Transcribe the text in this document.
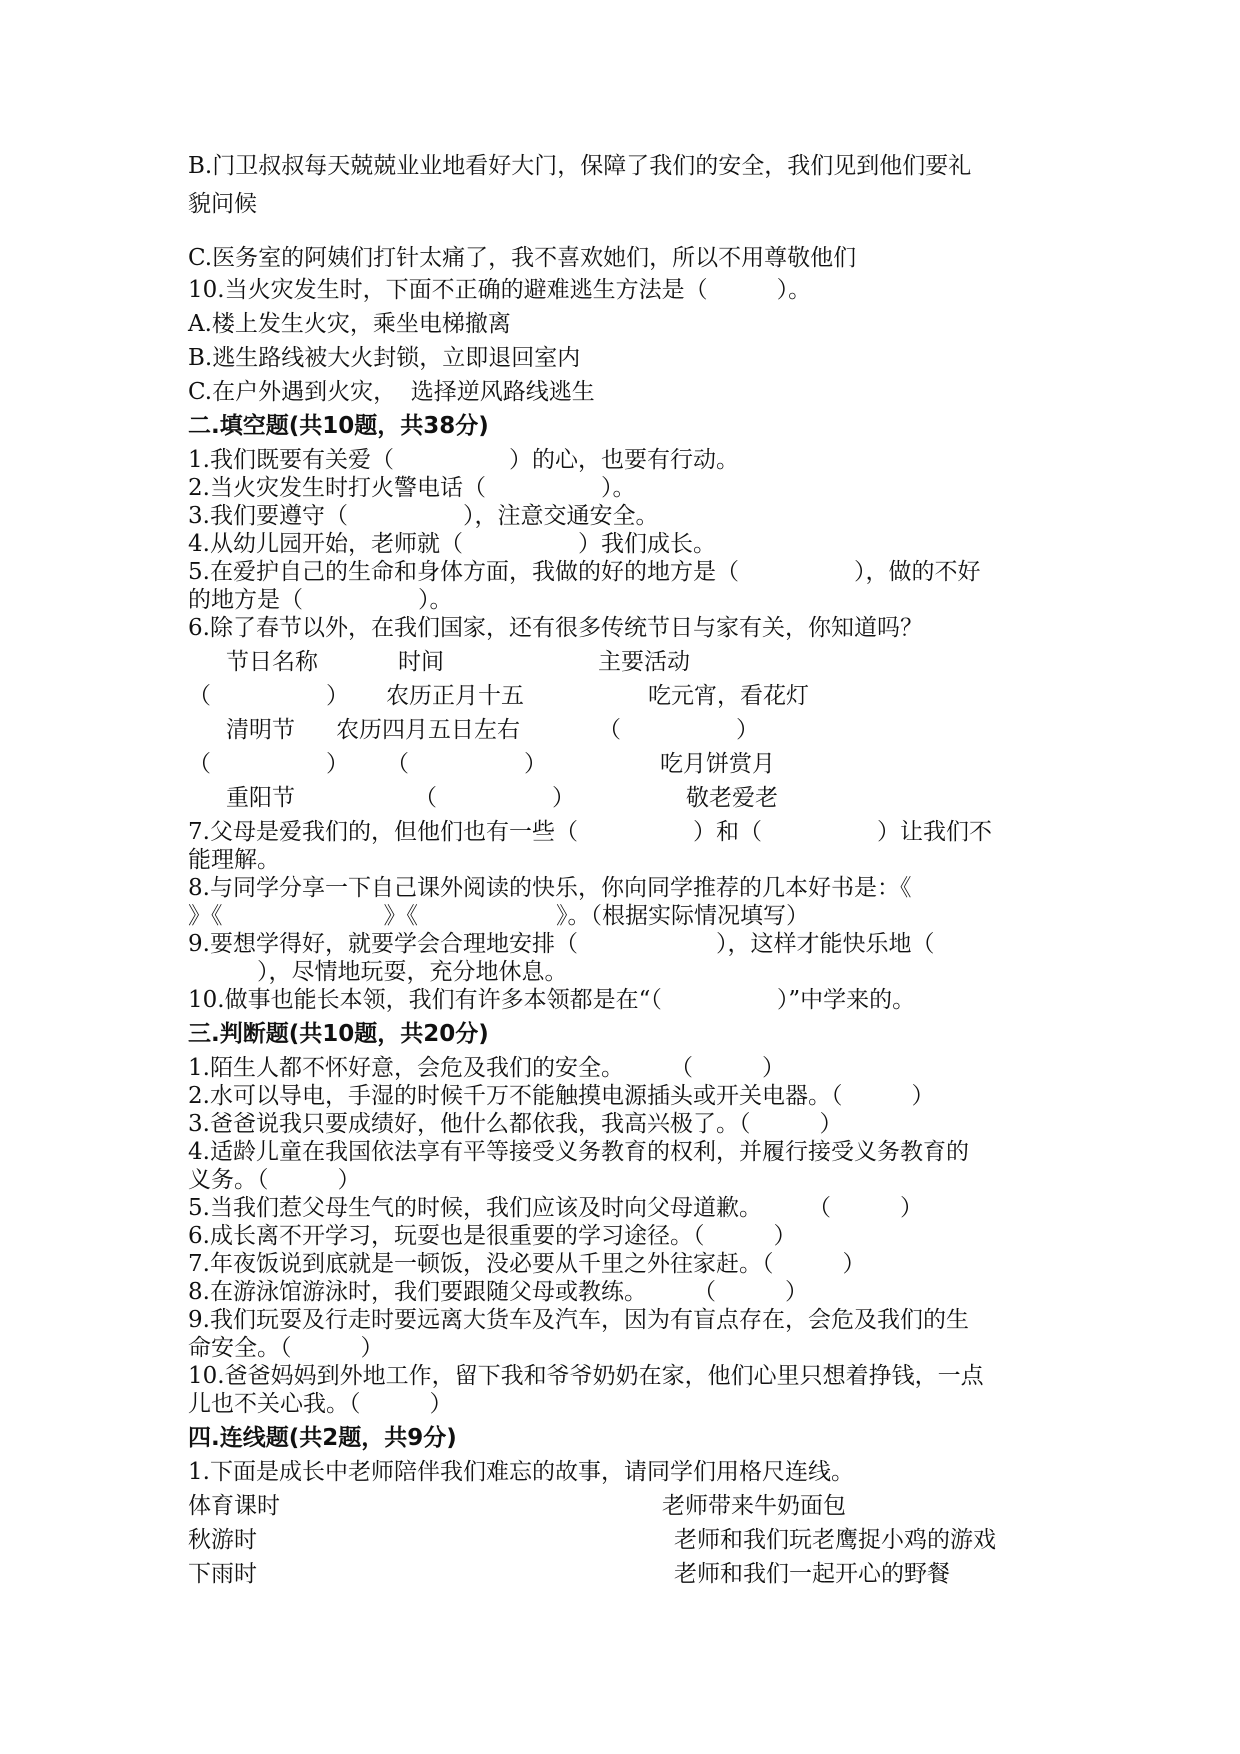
B.门卫叔叔每天兢兢业业地看好大门，保障了我们的安全，我们见到他们要礼
貌问候
C.医务室的阿姨们打针太痛了，我不喜欢她们，所以不用尊敬他们
10.当火灾发生时，下面不正确的避难逃生方法是（　　　）。
A.楼上发生火灾，乘坐电梯撤离
B.逃生路线被大火封锁，立即退回室内
C.在户外遇到火灾，  选择逆风路线逃生
二.填空题(共10题，共38分)
1.我们既要有关爱（　　　　　）的心，也要有行动。
2.当火灾发生时打火警电话（　　　　　）。
3.我们要遵守（　　　　　），注意交通安全。
4.从幼儿园开始，老师就（　　　　　）我们成长。
5.在爱护自己的生命和身体方面，我做的好的地方是（　　　　　），做的不好
的地方是（　　　　　）。
6.除了春节以外，在我们国家，还有很多传统节日与家有关，你知道吗？
节日名称	时间	主要活动
（　　　　　） 农历正月十五	吃元宵，看花灯
清明节 农历四月五日左右	（　　　　　）
（　　　　　） （　　　　　）	吃月饼赏月
重阳节	（　　　　　）	敬老爱老
7.父母是爱我们的，但他们也有一些（　　　　　）和（　　　　　）让我们不
能理解。
8.与同学分享一下自己课外阅读的快乐，你向同学推荐的几本好书是：《
》《　　　　　　　》《　　　　　　》。（根据实际情况填写）
9.要想学得好，就要学会合理地安排（　　　　　　），这样才能快乐地（
　　　），尽情地玩耍，充分地休息。
10.做事也能长本领，我们有许多本领都是在“（　　　　　）”中学来的。
三.判断题(共10题，共20分)
1.陌生人都不怀好意，会危及我们的安全。　　　（　　　）
2.水可以导电，手湿的时候千万不能触摸电源插头或开关电器。（　　　）
3.爸爸说我只要成绩好，他什么都依我，我高兴极了。（　　　）
4.适龄儿童在我国依法享有平等接受义务教育的权利，并履行接受义务教育的
义务。（　　　）
5.当我们惹父母生气的时候，我们应该及时向父母道歉。　　　（　　　）
6.成长离不开学习，玩耍也是很重要的学习途径。（　　　）
7.年夜饭说到底就是一顿饭，没必要从千里之外往家赶。（　　　）
8.在游泳馆游泳时，我们要跟随父母或教练。　　　（　　　）
9.我们玩耍及行走时要远离大货车及汽车，因为有盲点存在，会危及我们的生
命安全。（　　　）
10.爸爸妈妈到外地工作，留下我和爷爷奶奶在家，他们心里只想着挣钱，一点
儿也不关心我。（　　　）
四.连线题(共2题，共9分)
1.下面是成长中老师陪伴我们难忘的故事，请同学们用格尺连线。
体育课时	老师带来牛奶面包
秋游时	老师和我们玩老鹰捉小鸡的游戏
下雨时	老师和我们一起开心的野餐
